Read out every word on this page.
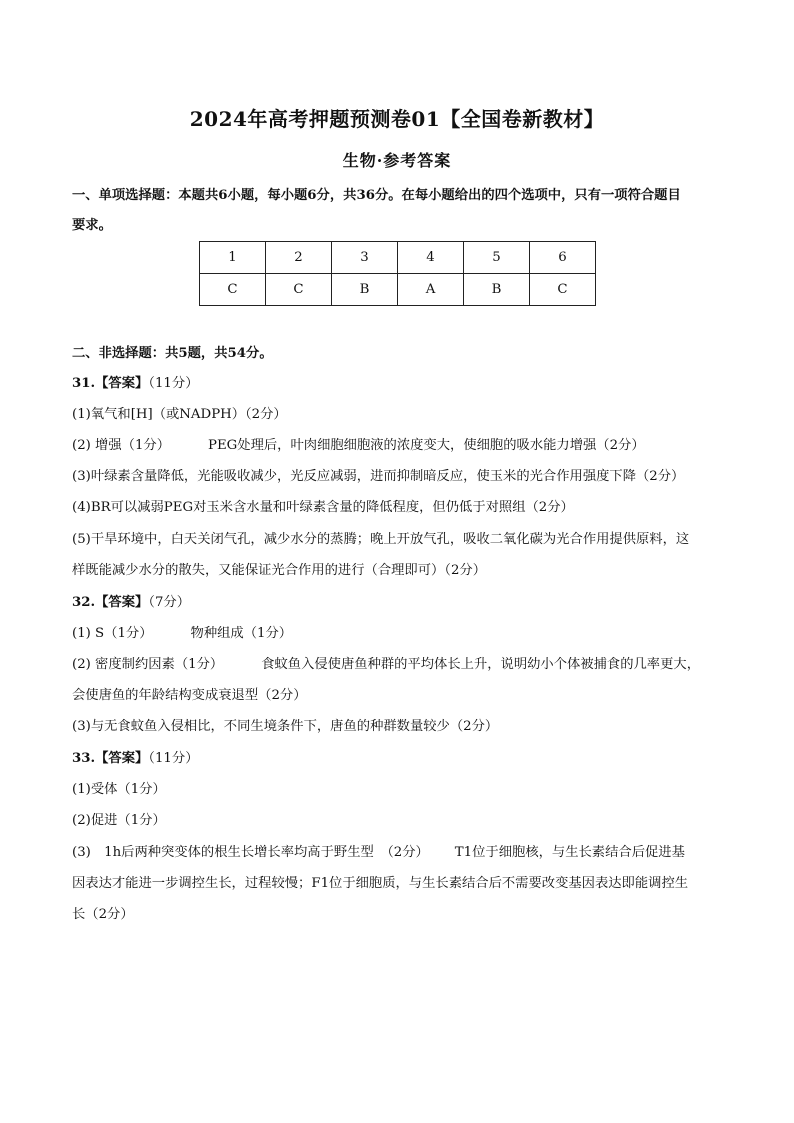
2024年高考押题预测卷01【全国卷新教材】
生物·参考答案
一、单项选择题：本题共6小题，每小题6分，共36分。在每小题给出的四个选项中，只有一项符合题目
要求。
1	2	3	4	5	6
C	C	B	A	B	C
二、非选择题：共5题，共54分。
31.【答案】（11分）
(1)氧气和[H]（或NADPH）（2分）
(2) 增强（1分）	PEG处理后，叶肉细胞细胞液的浓度变大，使细胞的吸水能力增强（2分）
(3)叶绿素含量降低，光能吸收减少，光反应减弱，进而抑制暗反应，使玉米的光合作用强度下降（2分）
(4)BR可以减弱PEG对玉米含水量和叶绿素含量的降低程度，但仍低于对照组（2分）
(5)干旱环境中，白天关闭气孔，减少水分的蒸腾；晚上开放气孔，吸收二氧化碳为光合作用提供原料，这
样既能减少水分的散失，又能保证光合作用的进行（合理即可）（2分）
32.【答案】（7分）
(1) S（1分）	物种组成（1分）
(2) 密度制约因素（1分）	食蚊鱼入侵使唐鱼种群的平均体长上升，说明幼小个体被捕食的几率更大，
会使唐鱼的年龄结构变成衰退型（2分）
(3)与无食蚊鱼入侵相比，不同生境条件下，唐鱼的种群数量较少（2分）
33.【答案】（11分）
(1)受体（1分）
(2)促进（1分）
(3)　1h后两种突变体的根生长增长率均高于野生型　（2分） T1位于细胞核，与生长素结合后促进基
因表达才能进一步调控生长，过程较慢；F1位于细胞质，与生长素结合后不需要改变基因表达即能调控生
长（2分）
